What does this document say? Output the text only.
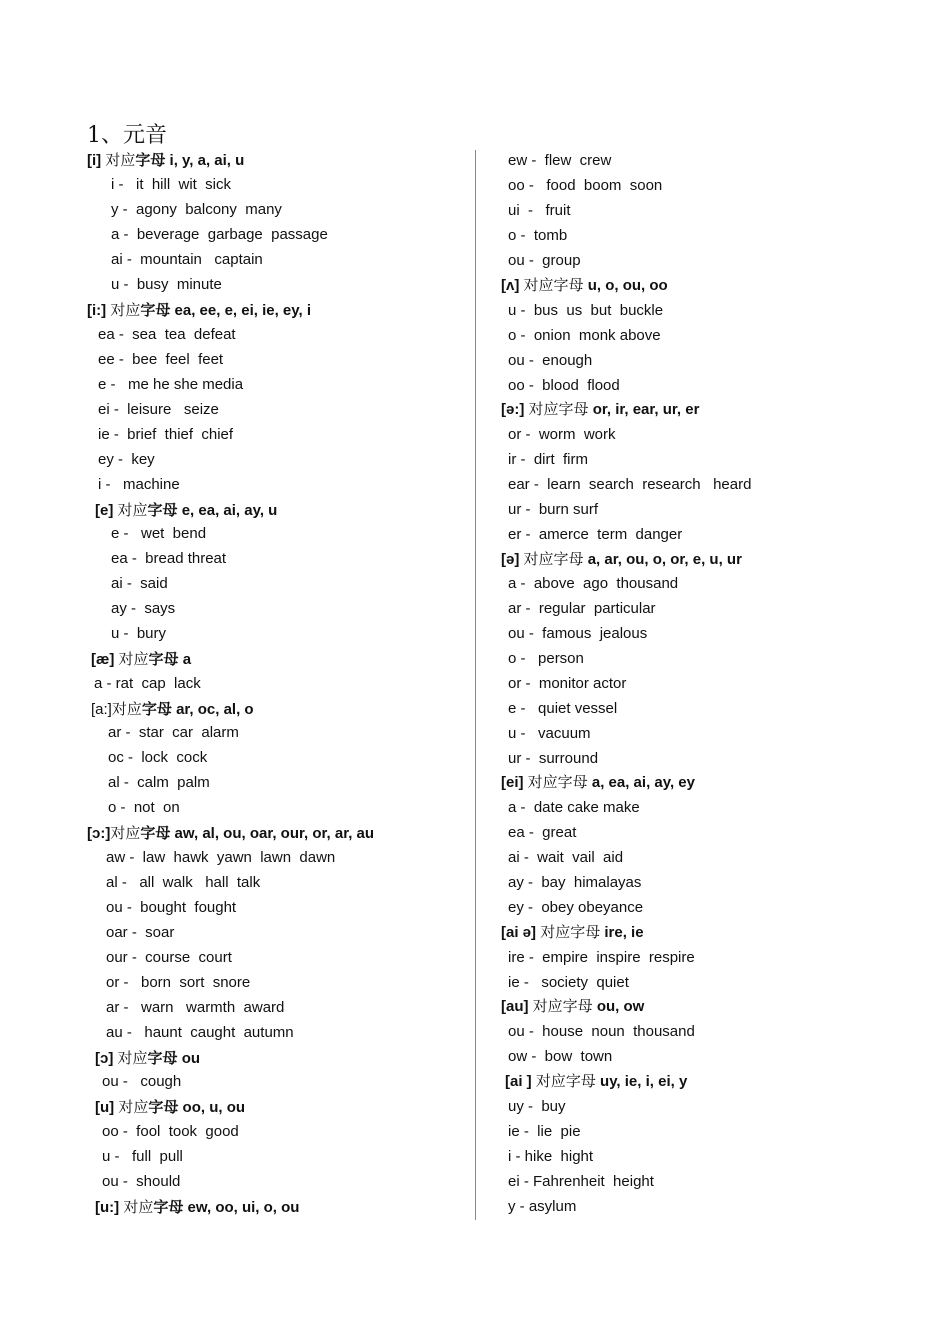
1、元音
[i] 对应字母 i, y, a, ai, u
i -   it  hill  wit  sick
y -  agony  balcony  many
a -  beverage  garbage  passage
ai -  mountain   captain
u -  busy  minute
[i:] 对应字母 ea, ee, e, ei, ie, ey, i
ea -  sea  tea  defeat
ee -  bee  feel  feet
e -   me he she media
ei -  leisure   seize
ie -  brief  thief  chief
ey -  key
i -   machine
[e] 对应字母 e, ea, ai, ay, u
e -   wet  bend
ea -  bread threat
ai -  said
ay -  says
u -  bury
[æ] 对应字母 a
a - rat  cap  lack
[a:]对应字母 ar, oc, al, o
ar -  star  car  alarm
oc -  lock  cock
al -  calm  palm
o -  not  on
[ɔ:]对应字母 aw, al, ou, oar, our, or, ar, au
aw -  law  hawk  yawn  lawn  dawn
al -   all  walk   hall  talk
ou -  bought  fought
oar -  soar
our -  course  court
or -   born  sort  snore
ar -   warn   warmth  award
au -   haunt  caught  autumn
[ɔ] 对应字母 ou
ou -   cough
[u] 对应字母 oo, u, ou
oo -  fool  took  good
u -   full  pull
ou -  should
[u:] 对应字母 ew, oo, ui, o, ou
ew -  flew  crew
oo -   food  boom  soon
ui  -   fruit
o -  tomb
ou -  group
[ʌ] 对应字母 u, o, ou, oo
u -  bus  us  but  buckle
o -  onion  monk above
ou -  enough
oo -  blood  flood
[ə:] 对应字母 or, ir, ear, ur, er
or -  worm  work
ir -  dirt  firm
ear -  learn  search  research   heard
ur -  burn surf
er -  amerce  term  danger
[ə] 对应字母 a, ar, ou, o, or, e, u, ur
a -  above  ago  thousand
ar -  regular  particular
ou -  famous  jealous
o -   person
or -  monitor actor
e -   quiet vessel
u -   vacuum
ur -  surround
[ei] 对应字母 a, ea, ai, ay, ey
a -  date cake make
ea -  great
ai -  wait  vail  aid
ay -  bay  himalayas
ey -  obey obeyance
[ai ə] 对应字母 ire, ie
ire -  empire  inspire  respire
ie -   society  quiet
[au] 对应字母 ou, ow
ou -  house  noun  thousand
ow -  bow  town
[ai ] 对应字母 uy, ie, i, ei, y
uy -  buy
ie -  lie  pie
i - hike  hight
ei - Fahrenheit  height
y - asylum
